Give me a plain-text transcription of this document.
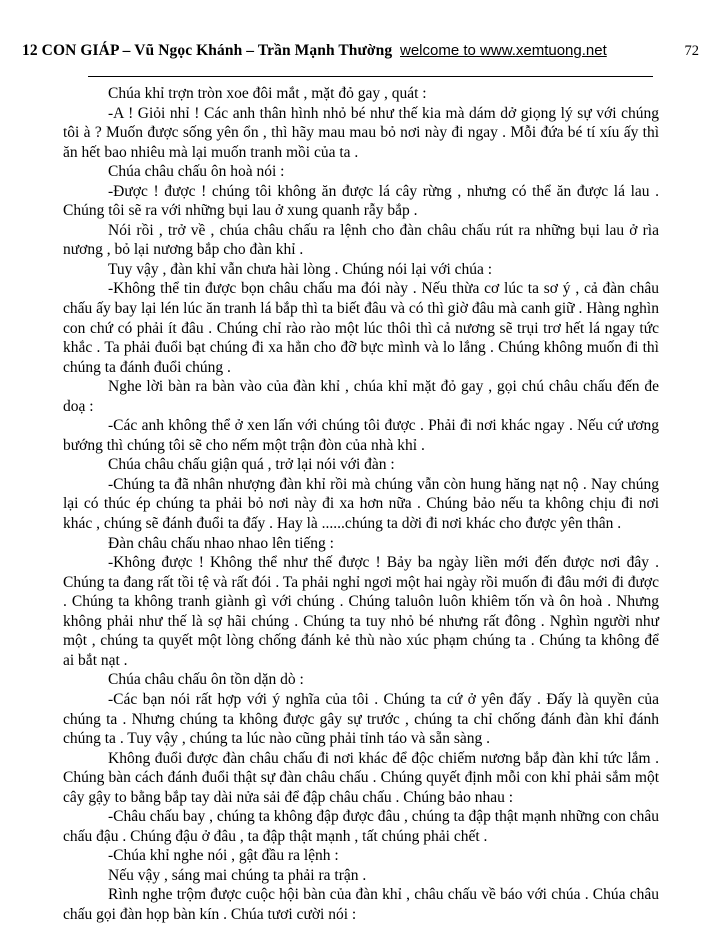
12 CON GIÁP – Vũ Ngọc Khánh – Trần Mạnh Thường welcome to www.xemtuong.net	72

Chúa khỉ trợn tròn xoe đôi mắt , mặt đỏ gay , quát :

-A ! Giỏi nhỉ ! Các anh thân hình nhỏ bé như thế kia mà dám dở giọng lý sự với chúng tôi à ? Muốn được sống yên ổn , thì hãy mau mau bỏ nơi này đi ngay . Mỗi đứa bé tí xíu ấy thì ăn hết bao nhiêu mà lại muốn tranh mồi của ta .

Chúa châu chấu ôn hoà nói :

-Được ! được ! chúng tôi không ăn được lá cây rừng , nhưng có thể ăn được lá lau . Chúng tôi sẽ ra với những bụi lau ở xung quanh rẫy bắp .

Nói rồi , trở về , chúa châu chấu ra lệnh cho đàn châu chấu rút ra những bụi lau ở rìa nương , bỏ lại nương bắp cho đàn khỉ .

Tuy vậy , đàn khỉ vẫn chưa hài lòng . Chúng nói lại với chúa :

-Không thể tin được bọn châu chấu ma đói này . Nếu thừa cơ lúc ta sơ ý , cả đàn châu chấu ấy bay lại lén lúc ăn tranh lá bắp thì ta biết đâu và có thì giờ đâu mà canh giữ . Hàng nghìn con chứ có phải ít đâu . Chúng chỉ rào rào một lúc thôi thì cả nương sẽ trụi trơ hết lá ngay tức khắc . Ta phải đuổi bạt chúng đi xa hẳn cho đỡ bực mình và lo lắng . Chúng không muốn đi thì chúng ta đánh đuổi chúng .

Nghe lời bàn ra bàn vào của đàn khỉ , chúa khỉ mặt đỏ gay , gọi chú châu chấu đến đe doạ :

-Các anh không thể ở xen lấn với chúng tôi được . Phải đi nơi khác ngay . Nếu cứ ương bướng thì chúng tôi sẽ cho nếm một trận đòn của nhà khỉ .

Chúa châu chấu giận quá , trở lại nói với đàn :

-Chúng ta đã nhân nhượng đàn khỉ rồi mà chúng vẫn còn hung hăng nạt nộ . Nay chúng lại có thúc ép chúng ta phải bỏ nơi này đi xa hơn nữa . Chúng bảo nếu ta không chịu đi nơi khác , chúng sẽ đánh đuổi ta đấy . Hay là ......chúng ta dời đi nơi khác cho được yên thân .

Đàn châu chấu nhao nhao lên tiếng :

-Không được ! Không thể như thế được ! Bảy ba ngày liền mới đến được nơi đây . Chúng ta đang rất tồi tệ và rất đói . Ta phải nghỉ ngơi một hai ngày rồi muốn đi đâu mới đi được . Chúng ta không tranh giành gì với chúng . Chúng taluôn luôn khiêm tốn và ôn hoà . Nhưng không phải như thế là sợ hãi chúng . Chúng ta tuy nhỏ bé nhưng rất đông . Nghìn người như một , chúng ta quyết một lòng chống đánh kẻ thù nào xúc phạm chúng ta . Chúng ta không để ai bắt nạt .

Chúa châu chấu ôn tồn dặn dò :

-Các bạn nói rất hợp với ý nghĩa của tôi . Chúng ta cứ ở yên đấy . Đấy là quyền của chúng ta . Nhưng chúng ta không được gây sự trước , chúng ta chỉ chống đánh đàn khỉ đánh chúng ta . Tuy vậy , chúng ta lúc nào cũng phải tỉnh táo và sẵn sàng .

Không đuổi được đàn châu chấu đi nơi khác để độc chiếm nương bắp đàn khỉ tức lắm . Chúng bàn cách đánh đuổi thật sự đàn châu chấu . Chúng quyết định mỗi con khỉ phải sắm một cây gậy to bằng bắp tay dài nửa sải để đập châu chấu . Chúng bảo nhau :

-Châu chấu bay , chúng ta không đập được đâu , chúng ta đập thật mạnh những con châu chấu đậu . Chúng đậu ở đâu , ta đập thật mạnh , tất chúng phải chết .

-Chúa khỉ nghe nói , gật đầu ra lệnh :

Nếu vậy , sáng mai chúng ta phải ra trận .

Rình nghe trộm được cuộc hội bàn của đàn khỉ , châu chấu về báo với chúa . Chúa châu chấu gọi đàn họp bàn kín . Chúa tươi cười nói :
